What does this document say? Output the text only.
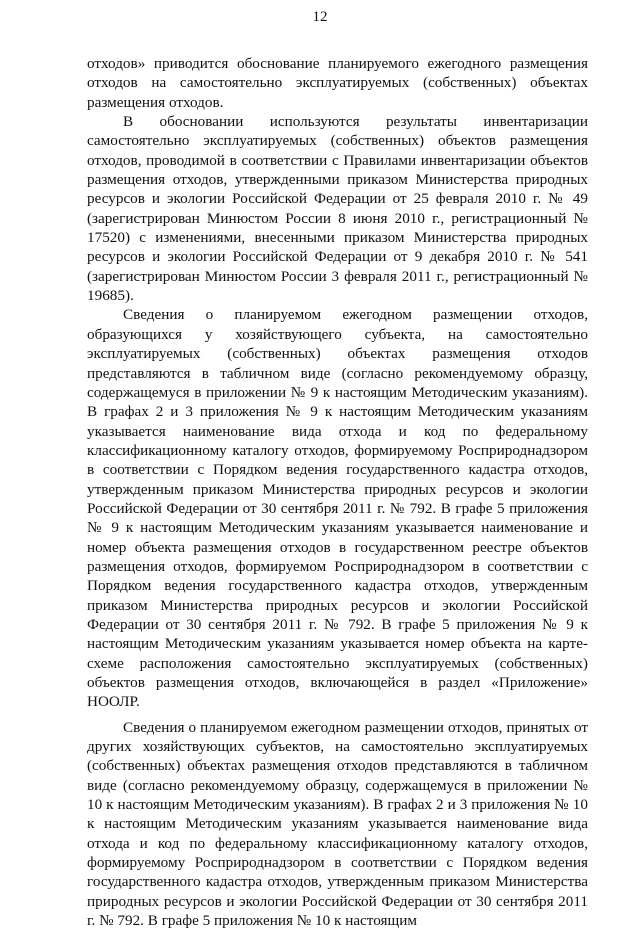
12

отходов» приводится обоснование планируемого ежегодного размещения отходов на самостоятельно эксплуатируемых (собственных) объектах размещения отходов.

В обосновании используются результаты инвентаризации самостоятельно эксплуатируемых (собственных) объектов размещения отходов, проводимой в соответствии с Правилами инвентаризации объектов размещения отходов, утвержденными приказом Министерства природных ресурсов и экологии Российской Федерации от 25 февраля 2010 г. № 49 (зарегистрирован Минюстом России 8 июня 2010 г., регистрационный № 17520) с изменениями, внесенными приказом Министерства природных ресурсов и экологии Российской Федерации от 9 декабря 2010 г. № 541 (зарегистрирован Минюстом России 3 февраля 2011 г., регистрационный № 19685).

Сведения о планируемом ежегодном размещении отходов, образующихся у хозяйствующего субъекта, на самостоятельно эксплуатируемых (собственных) объектах размещения отходов представляются в табличном виде (согласно рекомендуемому образцу, содержащемуся в приложении № 9 к настоящим Методическим указаниям). В графах 2 и 3 приложения № 9 к настоящим Методическим указаниям указывается наименование вида отхода и код по федеральному классификационному каталогу отходов, формируемому Росприроднадзором в соответствии с Порядком ведения государственного кадастра отходов, утвержденным приказом Министерства природных ресурсов и экологии Российской Федерации от 30 сентября 2011 г. № 792. В графе 5 приложения № 9 к настоящим Методическим указаниям указывается наименование и номер объекта размещения отходов в государственном реестре объектов размещения отходов, формируемом Росприроднадзором в соответствии с Порядком ведения государственного кадастра отходов, утвержденным приказом Министерства природных ресурсов и экологии Российской Федерации от 30 сентября 2011 г. № 792. В графе 5 приложения № 9 к настоящим Методическим указаниям указывается номер объекта на карте-схеме расположения самостоятельно эксплуатируемых (собственных) объектов размещения отходов, включающейся в раздел «Приложение» НООЛР.

Сведения о планируемом ежегодном размещении отходов, принятых от других хозяйствующих субъектов, на самостоятельно эксплуатируемых (собственных) объектах размещения отходов представляются в табличном виде (согласно рекомендуемому образцу, содержащемуся в приложении № 10 к настоящим Методическим указаниям). В графах 2 и 3 приложения № 10 к настоящим Методическим указаниям указывается наименование вида отхода и код по федеральному классификационному каталогу отходов, формируемому Росприроднадзором в соответствии с Порядком ведения государственного кадастра отходов, утвержденным приказом Министерства природных ресурсов и экологии Российской Федерации от 30 сентября 2011 г. № 792. В графе 5 приложения № 10 к настоящим
